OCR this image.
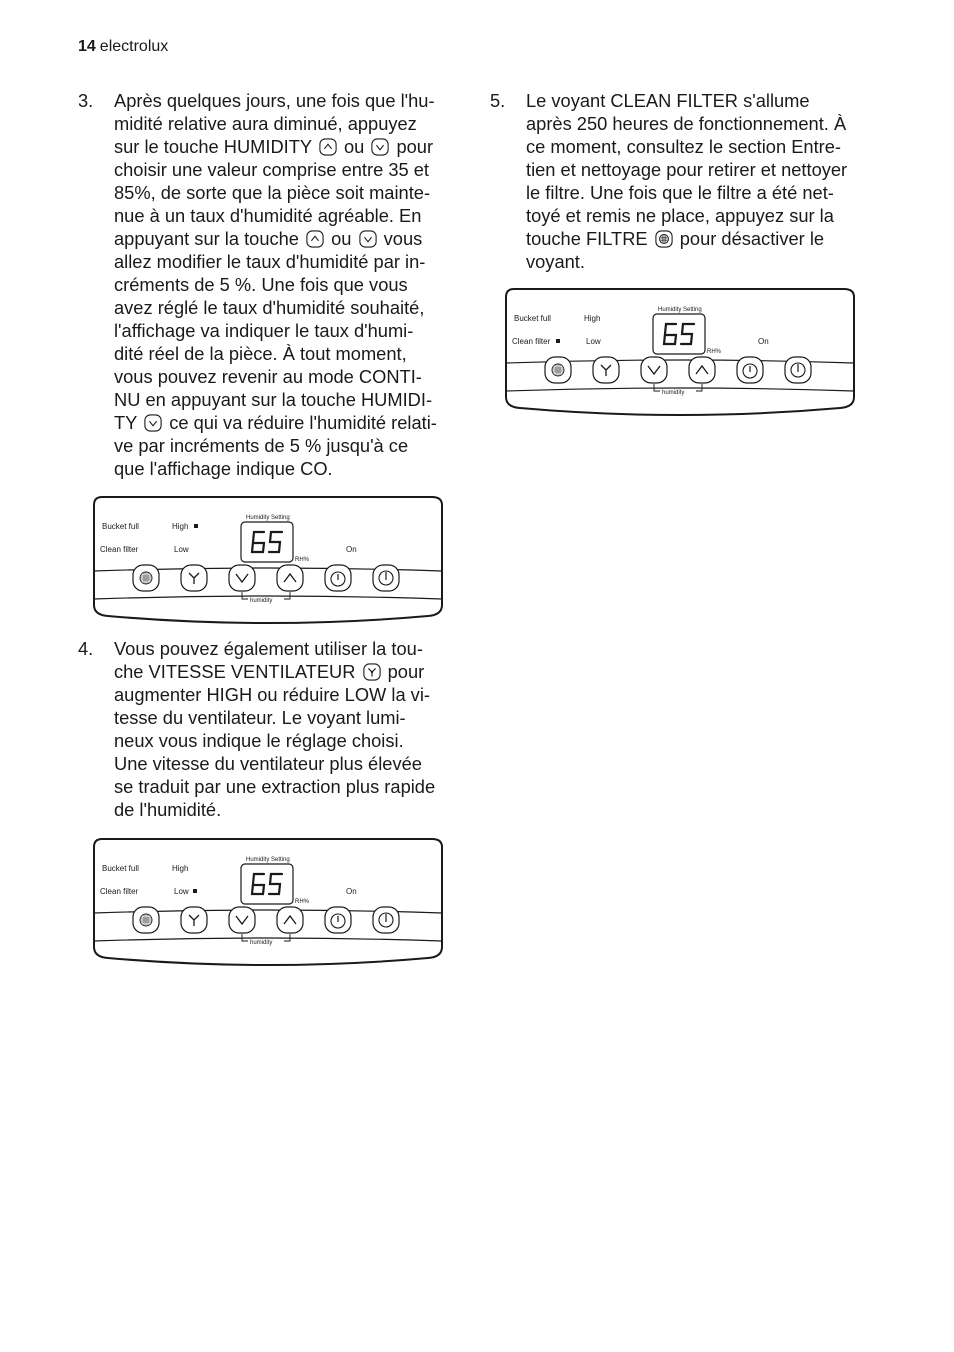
14 electrolux
3. Après quelques jours, une fois que l'hu-
midité relative aura diminué, appuyez
sur le touche HUMIDITY  ou  pour
choisir une valeur comprise entre 35 et
85%, de sorte que la pièce soit mainte-
nue à un taux d'humidité agréable. En
appuyant sur la touche  ou  vous
allez modifier le taux d'humidité par in-
créments de 5 %. Une fois que vous
avez réglé le taux d'humidité souhaité,
l'affichage va indiquer le taux d'humi-
dité réel de la pièce. À tout moment,
vous pouvez revenir au mode CONTI-
NU en appuyant sur la touche HUMIDI-
TY  ce qui va réduire l'humidité relati-
ve par incréments de 5 % jusqu'à ce
que l'affichage indique CO.
Bucket full
Clean filter
High
Low
Humidity Setting
RH%
On
humidity
4. Vous pouvez également utiliser la tou-
che VITESSE VENTILATEUR  pour
augmenter HIGH ou réduire LOW la vi-
tesse du ventilateur. Le voyant lumi-
neux vous indique le réglage choisi.
Une vitesse du ventilateur plus élevée
se traduit par une extraction plus rapide
de l'humidité.
Bucket full
Clean filter
High
Low
Humidity Setting
RH%
On
humidity
5. Le voyant CLEAN FILTER s'allume
après 250 heures de fonctionnement. À
ce moment, consultez le section Entre-
tien et nettoyage pour retirer et nettoyer
le filtre. Une fois que le filtre a été net-
toyé et remis ne place, appuyez sur la
touche FILTRE  pour désactiver le
voyant.
Bucket full
Clean filter
High
Low
Humidity Setting
RH%
On
humidity
